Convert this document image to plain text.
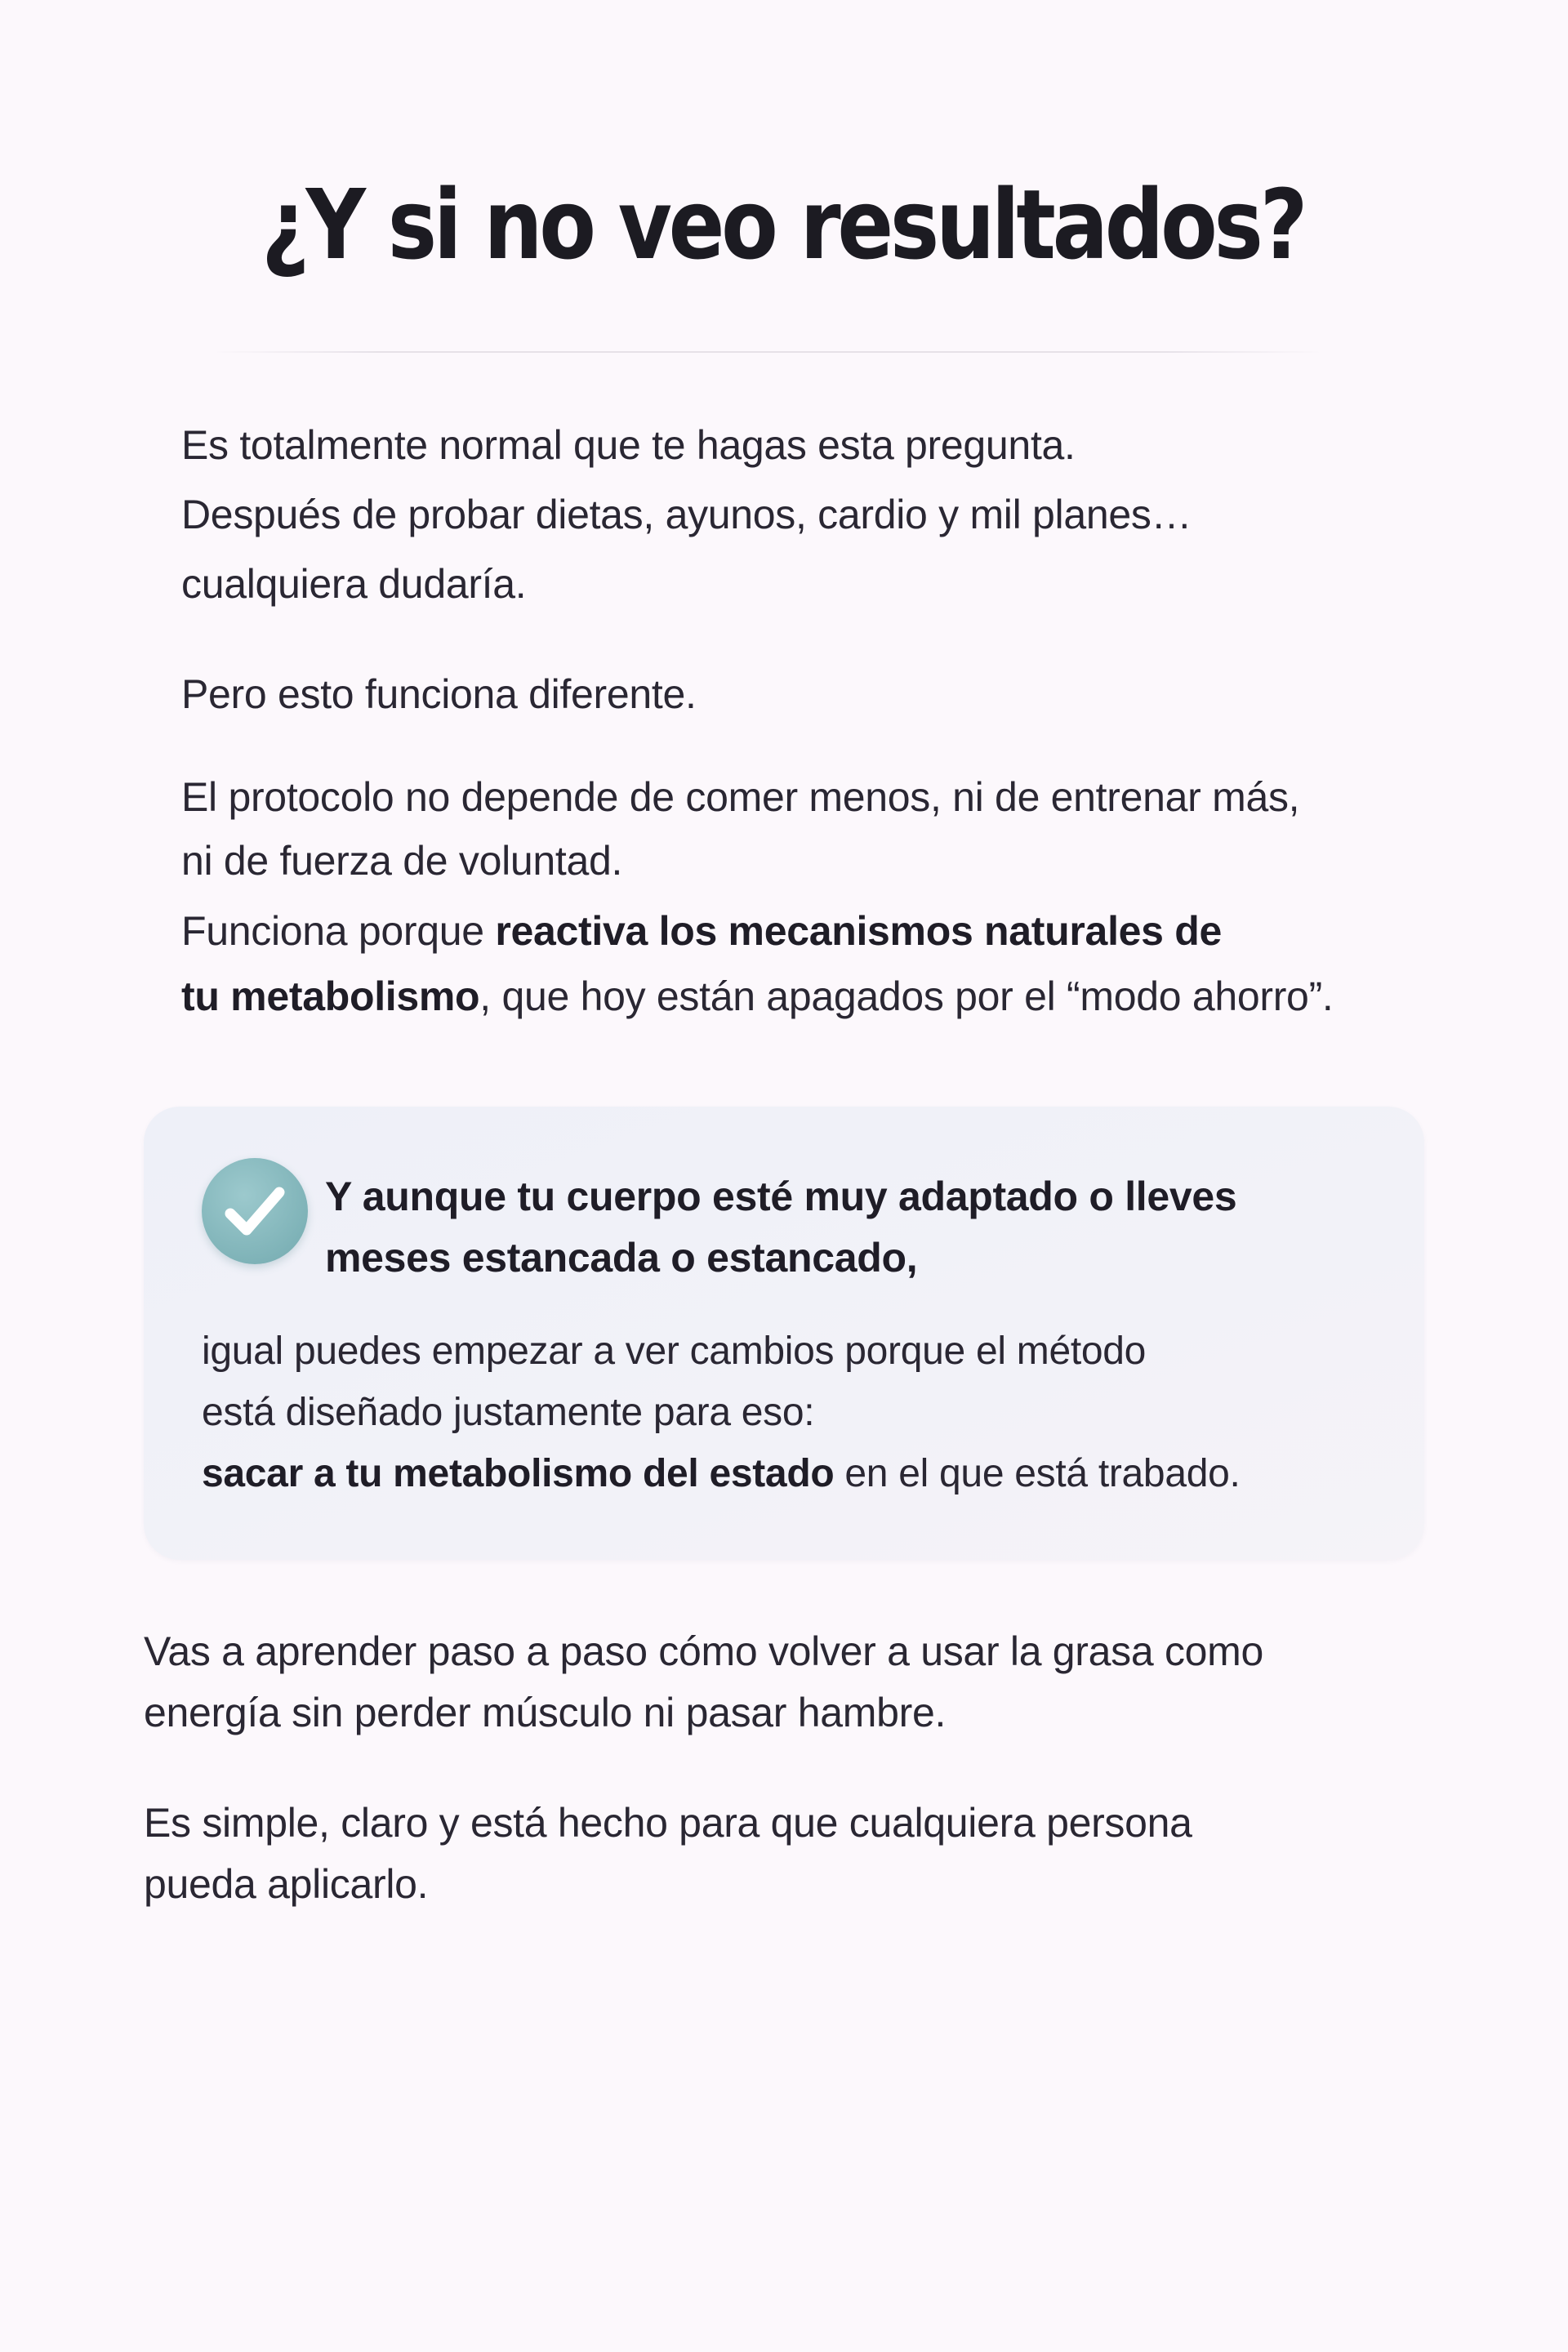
¿Y si no veo resultados?

Es totalmente normal que te hagas esta pregunta.
Después de probar dietas, ayunos, cardio y mil planes…
cualquiera dudaría.

Pero esto funciona diferente.

El protocolo no depende de comer menos, ni de entrenar más,
ni de fuerza de voluntad.

Funciona porque reactiva los mecanismos naturales de
tu metabolismo, que hoy están apagados por el “modo ahorro”.

Y aunque tu cuerpo esté muy adaptado o lleves
meses estancada o estancado,

igual puedes empezar a ver cambios porque el método
está diseñado justamente para eso:
sacar a tu metabolismo del estado en el que está trabado.

Vas a aprender paso a paso cómo volver a usar la grasa como
energía sin perder músculo ni pasar hambre.

Es simple, claro y está hecho para que cualquiera persona
pueda aplicarlo.
